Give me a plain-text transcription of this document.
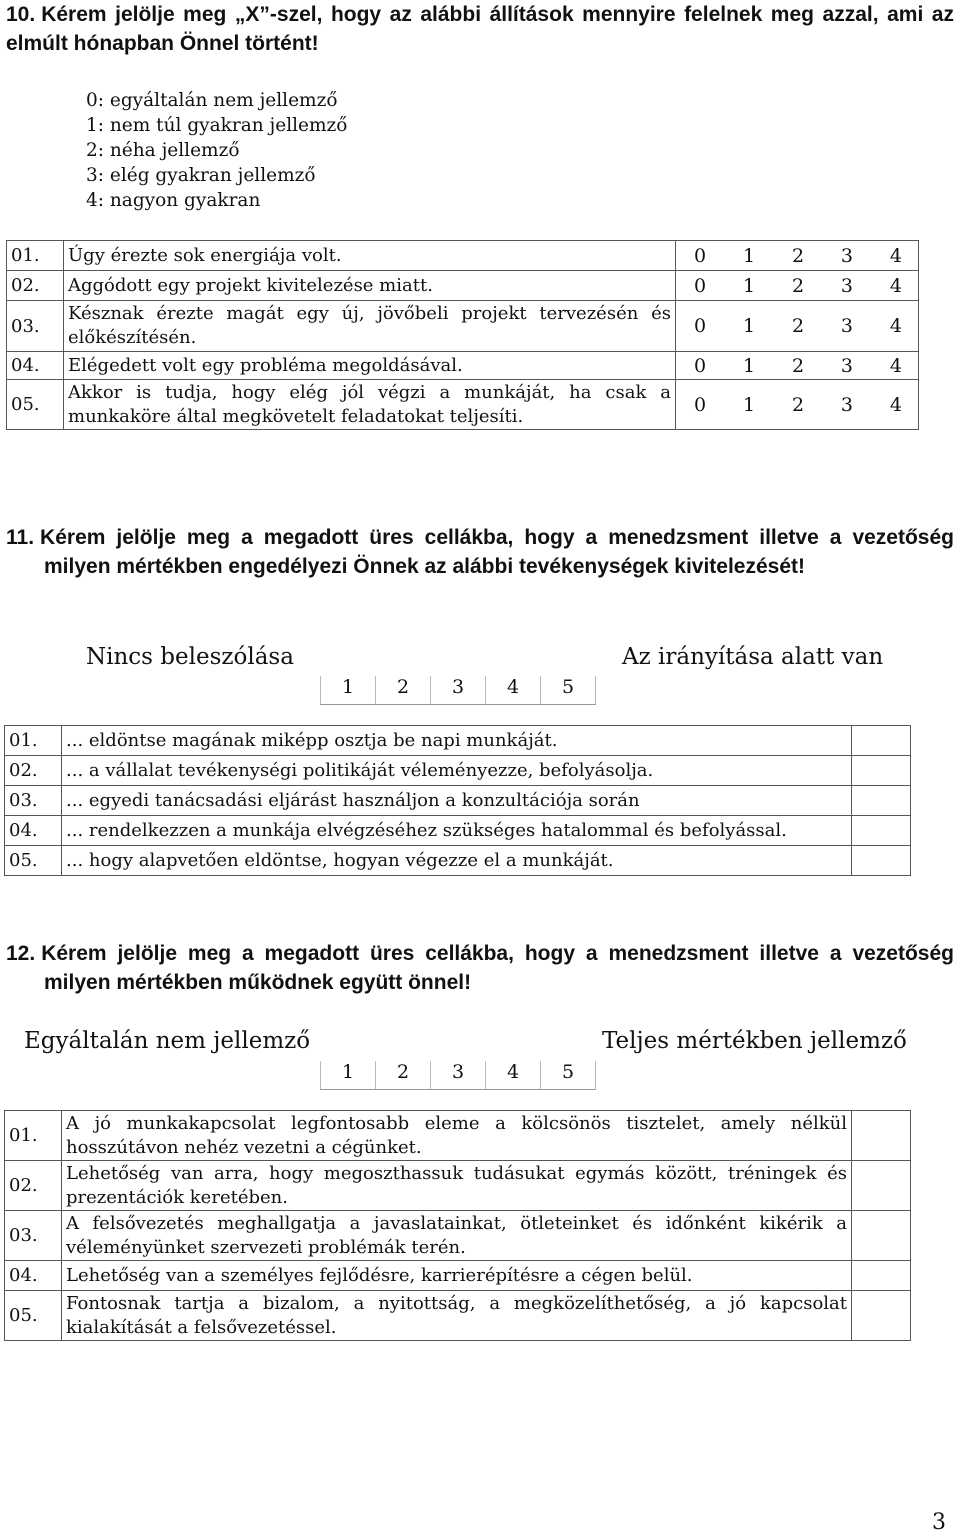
10. Kérem jelölje meg „X”-szel, hogy az alábbi állítások mennyire felelnek meg azzal, ami az elmúlt hónapban Önnel történt!
0: egyáltalán nem jellemző
1: nem túl gyakran jellemző
2: néha jellemző
3: elég gyakran jellemző
4: nagyon gyakran
01.	Úgy érezte sok energiája volt.	0 1 2 3 4

02.	Aggódott egy projekt kivitelezése miatt.	0 1 2 3 4

03.	Késznak érezte magát egy új, jövőbeli projekt tervezésén és előkészítésén.	0 1 2 3 4

04.	Elégedett volt egy probléma megoldásával.	0 1 2 3 4

05.	Akkor is tudja, hogy elég jól végzi a munkáját, ha csak a munkaköre által megkövetelt feladatokat teljesíti.	0 1 2 3 4
11. Kérem jelölje meg a megadott üres cellákba, hogy a menedzsment illetve a vezetőség milyen mértékben engedélyezi Önnek az alábbi tevékenységek kivitelezését!
Nincs beleszólása	Az irányítása alatt van
1	2	3	4	5
01.	... eldöntse magának miképp osztja be napi munkáját.	
02.	... a vállalat tevékenységi politikáját véleményezze, befolyásolja.	
03.	... egyedi tanácsadási eljárást használjon a konzultációja során	
04.	... rendelkezzen a munkája elvégzéséhez szükséges hatalommal és befolyással.	
05.	... hogy alapvetően eldöntse, hogyan végezze el a munkáját.	
12. Kérem jelölje meg a megadott üres cellákba, hogy a menedzsment illetve a vezetőség milyen mértékben működnek együtt önnel!
Egyáltalán nem jellemző	Teljes mértékben jellemző
1	2	3	4	5
01.	A jó munkakapcsolat legfontosabb eleme a kölcsönös tisztelet, amely nélkül hosszútávon nehéz vezetni a cégünket.	
02.	Lehetőség van arra, hogy megoszthassuk tudásukat egymás között, tréningek és prezentációk keretében.	
03.	A felsővezetés meghallgatja a javaslatainkat, ötleteinket és időnként kikérik a véleményünket szervezeti problémák terén.	
04.	Lehetőség van a személyes fejlődésre, karrierépítésre a cégen belül.	
05.	Fontosnak tartja a bizalom, a nyitottság, a megközelíthetőség, a jó kapcsolat kialakítását a felsővezetéssel.	
3
